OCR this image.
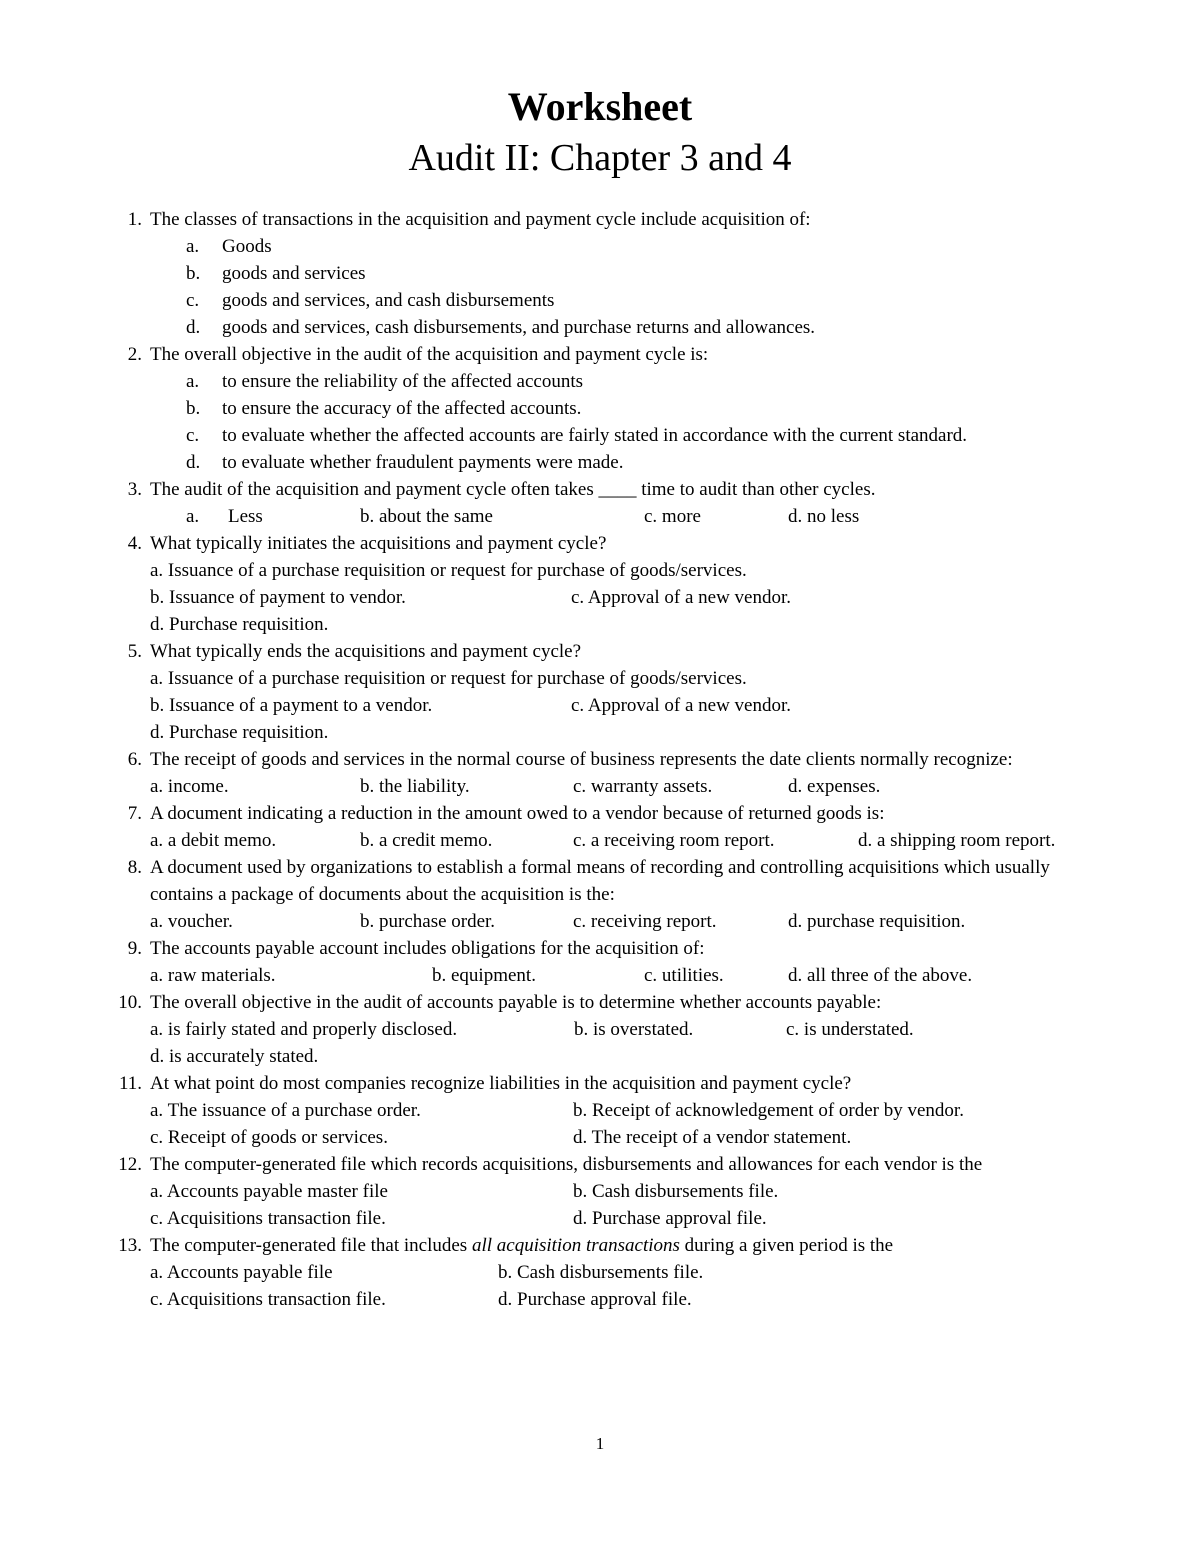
Worksheet
Audit II: Chapter 3 and 4
1. The classes of transactions in the acquisition and payment cycle include acquisition of:
a. Goods
b. goods and services
c. goods and services, and cash disbursements
d. goods and services, cash disbursements, and purchase returns and allowances.
2. The overall objective in the audit of the acquisition and payment cycle is:
a. to ensure the reliability of the affected accounts
b. to ensure the accuracy of the affected accounts.
c. to evaluate whether the affected accounts are fairly stated in accordance with the current standard.
d. to evaluate whether fraudulent payments were made.
3. The audit of the acquisition and payment cycle often takes ____ time to audit than other cycles.
a. Less	b. about the same	c. more	d. no less
4. What typically initiates the acquisitions and payment cycle?
a. Issuance of a purchase requisition or request for purchase of goods/services.
b. Issuance of payment to vendor.	c. Approval of a new vendor.
d. Purchase requisition.
5. What typically ends the acquisitions and payment cycle?
a. Issuance of a purchase requisition or request for purchase of goods/services.
b. Issuance of a payment to a vendor.	c. Approval of a new vendor.
d. Purchase requisition.
6. The receipt of goods and services in the normal course of business represents the date clients normally recognize:
a. income.	b. the liability.	c. warranty assets.	d. expenses.
7. A document indicating a reduction in the amount owed to a vendor because of returned goods is:
a. a debit memo.	b. a credit memo.	c. a receiving room report.	d. a shipping room report.
8. A document used by organizations to establish a formal means of recording and controlling acquisitions which usually contains a package of documents about the acquisition is the:
a. voucher.	b. purchase order.	c. receiving report.	d. purchase requisition.
9. The accounts payable account includes obligations for the acquisition of:
a. raw materials.	b. equipment.	c. utilities.	d. all three of the above.
10. The overall objective in the audit of accounts payable is to determine whether accounts payable:
a. is fairly stated and properly disclosed.	b. is overstated.	c. is understated.
d. is accurately stated.
11. At what point do most companies recognize liabilities in the acquisition and payment cycle?
a. The issuance of a purchase order.	b. Receipt of acknowledgement of order by vendor.
c. Receipt of goods or services.	d. The receipt of a vendor statement.
12. The computer-generated file which records acquisitions, disbursements and allowances for each vendor is the
a. Accounts payable master file	b. Cash disbursements file.
c. Acquisitions transaction file.	d. Purchase approval file.
13. The computer-generated file that includes all acquisition transactions during a given period is the
a. Accounts payable file	b. Cash disbursements file.
c. Acquisitions transaction file.	d. Purchase approval file.
1
